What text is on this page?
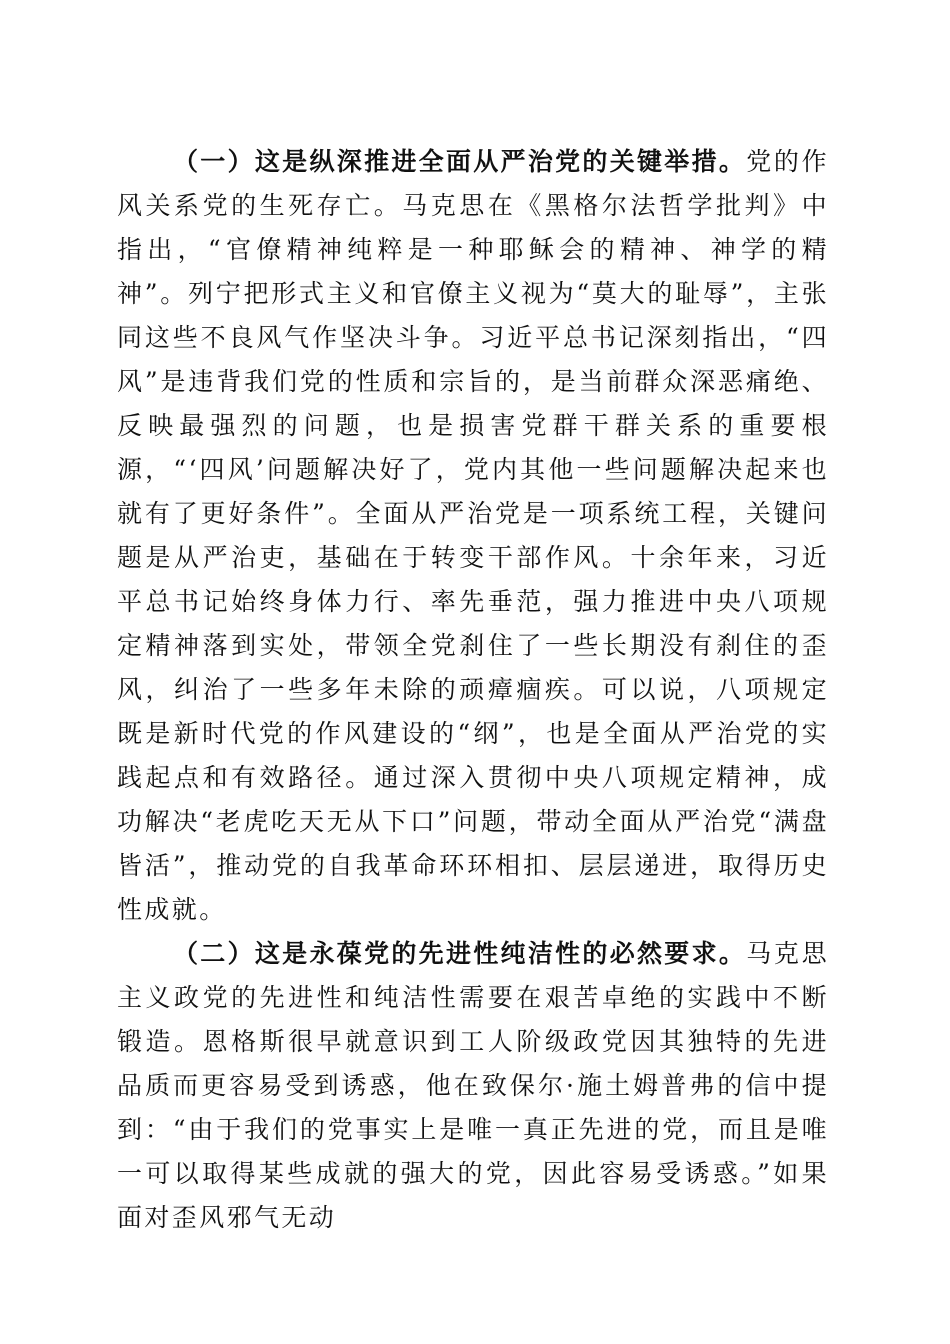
（一）这是纵深推进全面从严治党的关键举措。党的作风关系党的生死存亡。马克思在《黑格尔法哲学批判》中指出，“官僚精神纯粹是一种耶稣会的精神、神学的精神”。列宁把形式主义和官僚主义视为“莫大的耻辱”，主张同这些不良风气作坚决斗争。习近平总书记深刻指出，“四风”是违背我们党的性质和宗旨的，是当前群众深恶痛绝、反映最强烈的问题，也是损害党群干群关系的重要根源，“‘四风’问题解决好了，党内其他一些问题解决起来也就有了更好条件”。全面从严治党是一项系统工程，关键问题是从严治吏，基础在于转变干部作风。十余年来，习近平总书记始终身体力行、率先垂范，强力推进中央八项规定精神落到实处，带领全党刹住了一些长期没有刹住的歪风，纠治了一些多年未除的顽瘴痼疾。可以说，八项规定既是新时代党的作风建设的“纲”，也是全面从严治党的实践起点和有效路径。通过深入贯彻中央八项规定精神，成功解决“老虎吃天无从下口”问题，带动全面从严治党“满盘皆活”，推动党的自我革命环环相扣、层层递进，取得历史性成就。

（二）这是永葆党的先进性纯洁性的必然要求。马克思主义政党的先进性和纯洁性需要在艰苦卓绝的实践中不断锻造。恩格斯很早就意识到工人阶级政党因其独特的先进品质而更容易受到诱惑，他在致保尔·施土姆普弗的信中提到：“由于我们的党事实上是唯一真正先进的党，而且是唯一可以取得某些成就的强大的党，因此容易受诱惑。”如果面对歪风邪气无动
